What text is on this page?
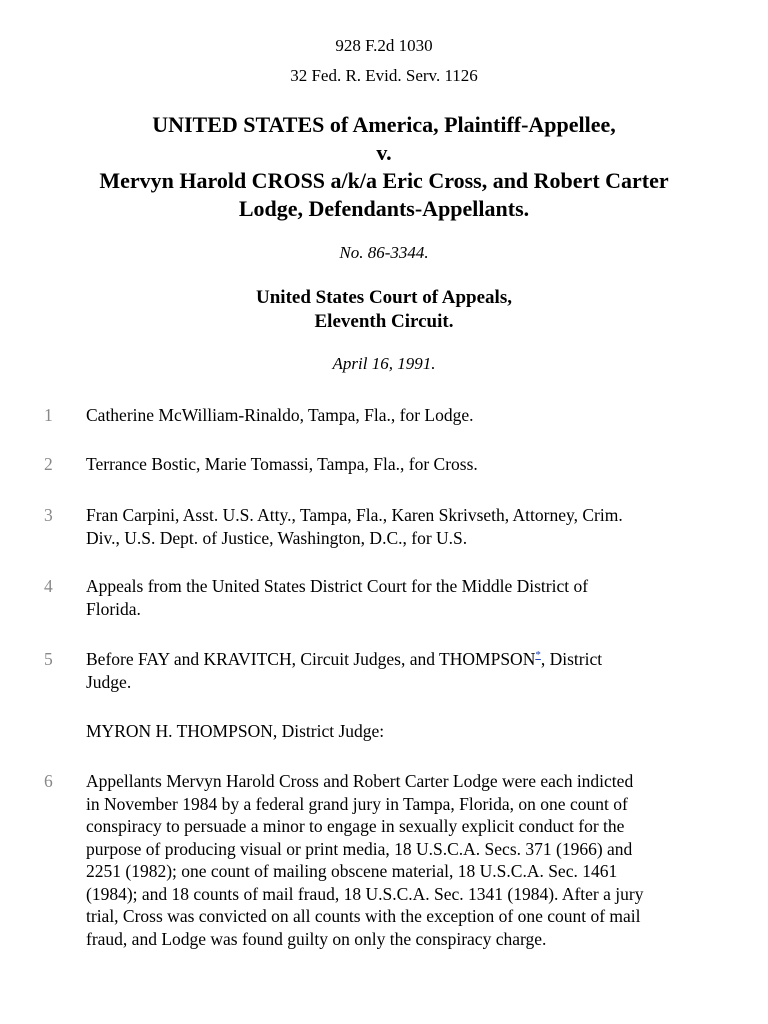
928 F.2d 1030
32 Fed. R. Evid. Serv. 1126
UNITED STATES of America, Plaintiff-Appellee,
v.
Mervyn Harold CROSS a/k/a Eric Cross, and Robert Carter
Lodge, Defendants-Appellants.
No. 86-3344.
United States Court of Appeals,
Eleventh Circuit.
April 16, 1991.
1	Catherine McWilliam-Rinaldo, Tampa, Fla., for Lodge.
2	Terrance Bostic, Marie Tomassi, Tampa, Fla., for Cross.
3	Fran Carpini, Asst. U.S. Atty., Tampa, Fla., Karen Skrivseth, Attorney, Crim.
Div., U.S. Dept. of Justice, Washington, D.C., for U.S.
4	Appeals from the United States District Court for the Middle District of
Florida.
5	Before FAY and KRAVITCH, Circuit Judges, and THOMPSON*, District
Judge.
MYRON H. THOMPSON, District Judge:
6	Appellants Mervyn Harold Cross and Robert Carter Lodge were each indicted
in November 1984 by a federal grand jury in Tampa, Florida, on one count of
conspiracy to persuade a minor to engage in sexually explicit conduct for the
purpose of producing visual or print media, 18 U.S.C.A. Secs. 371 (1966) and
2251 (1982); one count of mailing obscene material, 18 U.S.C.A. Sec. 1461
(1984); and 18 counts of mail fraud, 18 U.S.C.A. Sec. 1341 (1984). After a jury
trial, Cross was convicted on all counts with the exception of one count of mail
fraud, and Lodge was found guilty on only the conspiracy charge.
